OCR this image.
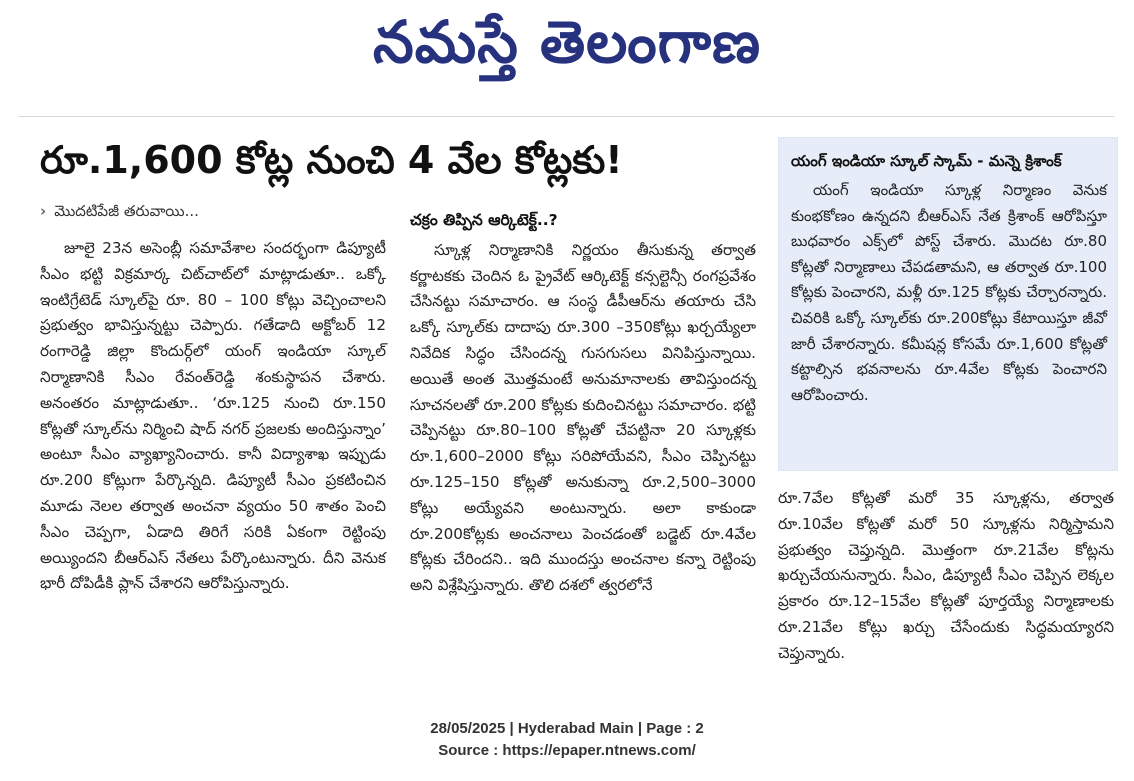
నమస్తే తెలంగాణ
రూ.1,600 కోట్ల నుంచి 4 వేల కోట్లకు!
› మొదటిపేజీ తరువాయి...

జూలై 23న అసెంబ్లీ సమావేశాల సందర్భంగా డిప్యూటీ సీఎం భట్టి విక్రమార్క చిట్‌చాట్‌లో మాట్లాడుతూ.. ఒక్కో ఇంటిగ్రేటెడ్ స్కూల్‌పై రూ. 80 – 100 కోట్లు వెచ్చించాలని ప్రభుత్వం భావిస్తున్నట్టు చెప్పారు. గతేడాది అక్టోబర్ 12 రంగారెడ్డి జిల్లా కొందుర్గ్‌లో యంగ్ ఇండియా స్కూల్ నిర్మాణానికి సీఎం రేవంత్‌రెడ్డి శంకుస్థాపన చేశారు. అనంతరం మాట్లాడుతూ.. ‘రూ.125 నుంచి రూ.150 కోట్లతో స్కూల్‌ను నిర్మించి షాద్ నగర్ ప్రజలకు అందిస్తున్నాం’ అంటూ సీఎం వ్యాఖ్యానించారు. కానీ విద్యాశాఖ ఇప్పుడు రూ.200 కోట్లుగా పేర్కొన్నది. డిప్యూటీ సీఎం ప్రకటించిన మూడు నెలల తర్వాత అంచనా వ్యయం 50 శాతం పెంచి సీఎం చెప్పగా, ఏడాది తిరిగే సరికి ఏకంగా రెట్టింపు అయ్యిందని బీఆర్‌ఎస్ నేతలు పేర్కొంటున్నారు. దీని వెనుక భారీ దోపిడీకి ప్లాన్ చేశారని ఆరోపిస్తున్నారు.

చక్రం తిప్పిన ఆర్కిటెక్ట్..?

స్కూళ్ల నిర్మాణానికి నిర్ణయం తీసుకున్న తర్వాత కర్ణాటకకు చెందిన ఓ ప్రైవేట్ ఆర్కిటెక్ట్ కన్సల్టెన్సీ రంగప్రవేశం చేసినట్టు సమాచారం. ఆ సంస్థ డీపీఆర్‌ను తయారు చేసి ఒక్కో స్కూల్‌కు దాదాపు రూ.300 –350కోట్లు ఖర్చయ్యేలా నివేదిక సిద్ధం చేసిందన్న గుసగుసలు వినిపిస్తున్నాయి. అయితే అంత మొత్తమంటే అనుమానాలకు తావిస్తుందన్న సూచనలతో రూ.200 కోట్లకు కుదించినట్టు సమాచారం. భట్టి చెప్పినట్టు రూ.80–100 కోట్లతో చేపట్టినా 20 స్కూళ్లకు రూ.1,600–2000 కోట్లు సరిపోయేవని, సీఎం చెప్పినట్టు రూ.125–150 కోట్లతో అనుకున్నా రూ.2,500–3000 కోట్లు అయ్యేవని అంటున్నారు. అలా కాకుండా రూ.200కోట్లకు అంచనాలు పెంచడంతో బడ్జెట్ రూ.4వేల కోట్లకు చేరిందని.. ఇది ముందస్తు అంచనాల కన్నా రెట్టింపు అని విశ్లేషిస్తున్నారు. తొలి దశలో త్వరలోనే

యంగ్ ఇండియా స్కూల్ స్కామ్ - మన్నె క్రిశాంక్

యంగ్ ఇండియా స్కూళ్ల నిర్మాణం వెనుక కుంభకోణం ఉన్నదని బీఆర్‌ఎస్ నేత క్రిశాంక్ ఆరోపిస్తూ బుధవారం ఎక్స్‌లో పోస్ట్ చేశారు. మొదట రూ.80 కోట్లతో నిర్మాణాలు చేపడతామని, ఆ తర్వాత రూ.100 కోట్లకు పెంచారని, మళ్లీ రూ.125 కోట్లకు చేర్చారన్నారు. చివరికి ఒక్కో స్కూల్‌కు రూ.200కోట్లు కేటాయిస్తూ జీవో జారీ చేశారన్నారు. కమీషన్ల కోసమే రూ.1,600 కోట్లతో కట్టాల్సిన భవనాలను రూ.4వేల కోట్లకు పెంచారని ఆరోపించారు.

రూ.7వేల కోట్లతో మరో 35 స్కూళ్లను, తర్వాత రూ.10వేల కోట్లతో మరో 50 స్కూళ్లను నిర్మిస్తామని ప్రభుత్వం చెప్తున్నది. మొత్తంగా రూ.21వేల కోట్లను ఖర్చుచేయనున్నారు. సీఎం, డిప్యూటీ సీఎం చెప్పిన లెక్కల ప్రకారం రూ.12–15వేల కోట్లతో పూర్తయ్యే నిర్మాణాలకు రూ.21వేల కోట్లు ఖర్చు చేసేందుకు సిద్ధమయ్యారని చెప్తున్నారు.

28/05/2025 | Hyderabad Main | Page : 2
Source : https://epaper.ntnews.com/
